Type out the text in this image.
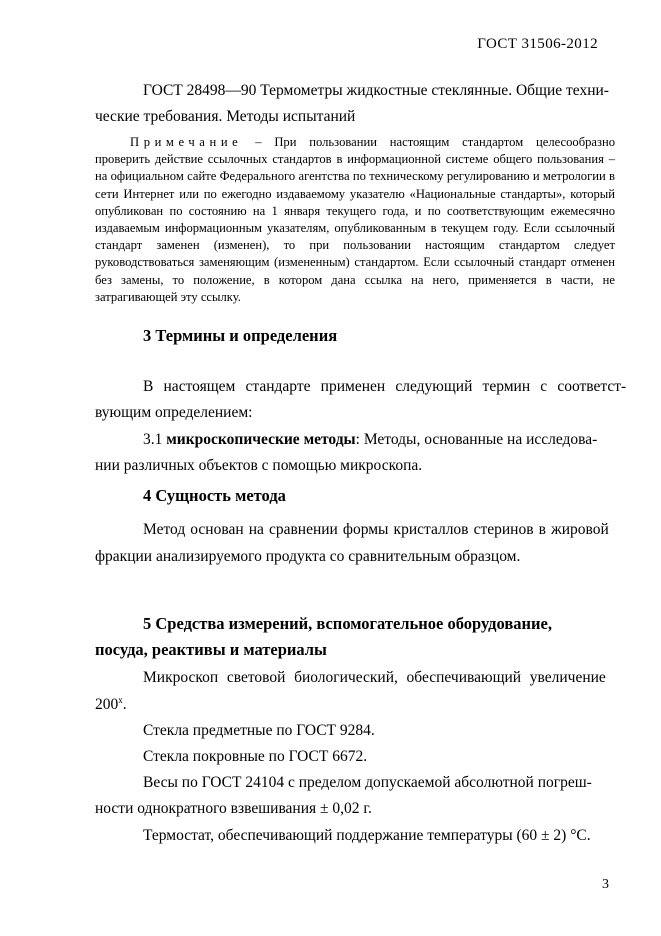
ГОСТ 31506-2012
ГОСТ 28498—90 Термометры жидкостные стеклянные. Общие техни-
ческие требования. Методы испытаний

Примечание – При пользовании настоящим стандартом целесообразно проверить действие ссылочных стандартов в информационной системе общего пользования – на официальном сайте Федерального агентства по техническому регулированию и метрологии в сети Интернет или по ежегодно издаваемому указателю «Национальные стандарты», который опубликован по состоянию на 1 января текущего года, и по соответствующим ежемесячно издаваемым информационным указателям, опубликованным в текущем году. Если ссылочный стандарт заменен (изменен), то при пользовании настоящим стандартом следует руководствоваться заменяющим (измененным) стандартом. Если ссылочный стандарт отменен без замены, то положение, в котором дана ссылка на него, применяется в части, не затрагивающей эту ссылку.

3 Термины и определения
В настоящем стандарте применен следующий термин с соответст-
вующим определением:
3.1 микроскопические методы: Методы, основанные на исследова-
нии различных объектов с помощью микроскопа.
4 Сущность метода
Метод основан на сравнении формы кристаллов стеринов в жировой
фракции анализируемого продукта со сравнительным образцом.
5 Средства измерений, вспомогательное оборудование,
посуда, реактивы и материалы
Микроскоп световой биологический, обеспечивающий увеличение
$200^х$.
Стекла предметные по ГОСТ 9284.
Стекла покровные по ГОСТ 6672.
Весы по ГОСТ 24104 с пределом допускаемой абсолютной погреш-
ности однократного взвешивания ± 0,02 г.
Термостат, обеспечивающий поддержание температуры (60 ± 2) °С.
3
